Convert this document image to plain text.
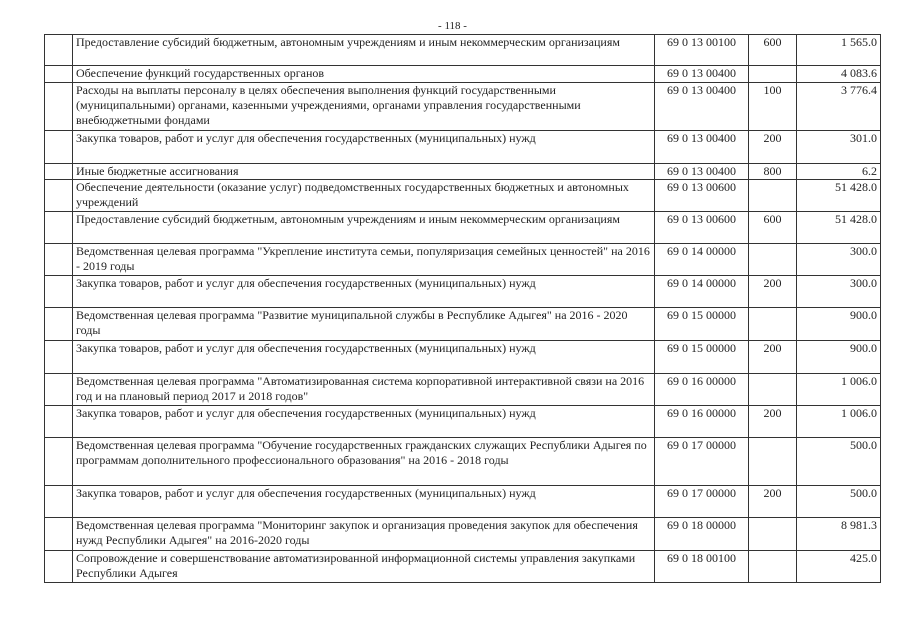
- 118 -
	Предоставление субсидий бюджетным, автономным учреждениям и иным некоммерческим организациям	69 0 13 00100	600	1 565.0
	Обеспечение функций государственных органов	69 0 13 00400		4 083.6
	Расходы на выплаты персоналу в целях обеспечения выполнения функций государственными (муниципальными) органами, казенными учреждениями, органами управления государственными внебюджетными фондами	69 0 13 00400	100	3 776.4
	Закупка товаров, работ и услуг для обеспечения государственных (муниципальных) нужд	69 0 13 00400	200	301.0
	Иные бюджетные ассигнования	69 0 13 00400	800	6.2
	Обеспечение деятельности (оказание услуг) подведомственных государственных бюджетных и автономных учреждений	69 0 13 00600		51 428.0
	Предоставление субсидий бюджетным, автономным учреждениям и иным некоммерческим организациям	69 0 13 00600	600	51 428.0
	Ведомственная целевая программа "Укрепление института семьи, популяризация семейных ценностей" на 2016 - 2019 годы	69 0 14 00000		300.0
	Закупка товаров, работ и услуг для обеспечения государственных (муниципальных) нужд	69 0 14 00000	200	300.0
	Ведомственная целевая программа "Развитие муниципальной службы в Республике Адыгея" на 2016 - 2020 годы	69 0 15 00000		900.0
	Закупка товаров, работ и услуг для обеспечения государственных (муниципальных) нужд	69 0 15 00000	200	900.0
	Ведомственная целевая программа "Автоматизированная система корпоративной интерактивной связи на 2016 год и на плановый период 2017 и 2018 годов"	69 0 16 00000		1 006.0
	Закупка товаров, работ и услуг для обеспечения государственных (муниципальных) нужд	69 0 16 00000	200	1 006.0
	Ведомственная целевая программа "Обучение государственных гражданских служащих Республики Адыгея по программам дополнительного профессионального образования" на 2016 - 2018 годы	69 0 17 00000		500.0
	Закупка товаров, работ и услуг для обеспечения государственных (муниципальных) нужд	69 0 17 00000	200	500.0
	Ведомственная целевая программа "Мониторинг закупок и организация проведения закупок для обеспечения нужд Республики Адыгея" на 2016-2020 годы	69 0 18 00000		8 981.3
	Сопровождение и совершенствование автоматизированной информационной системы управления закупками Республики Адыгея	69 0 18 00100		425.0
